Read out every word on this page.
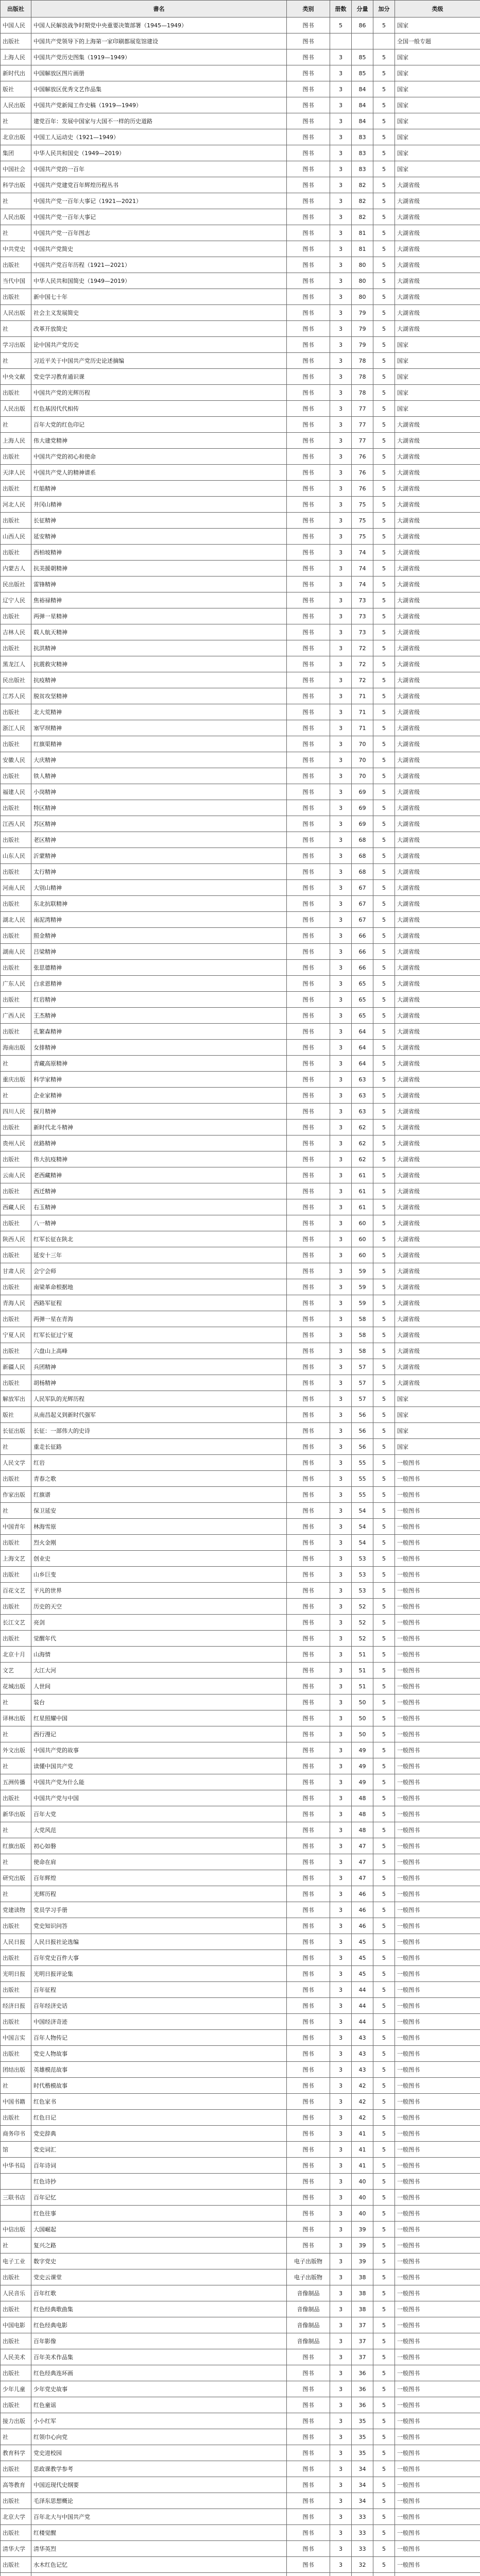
出版社	書名	类别	册数	分量	加分	类级
中国人民	中国人民解放战争时期党中央重要决策部署（1945—1949）	图书	5	86	5	国家
出版社	中国共产党领导下的上海第一家印刷都展览馆建设	图书				全国一般专题
上海人民	中国共产党历史图集（1919—1949）	图书	3	85	5	国家
新时代出	中国解放区图片画册	图书	3	85	5	国家
版社	中国解放区优秀文艺作品集	图书	3	84	5	国家
人民出版	中国共产党新闻工作史稿（1919—1949）	图书	3	84	5	国家
社	建党百年：发展中国家与大国不一样的历史道路	图书	3	84	5	国家
北京出版	中国工人运动史（1921—1949）	图书	3	83	5	国家
集团	中华人民共和国史（1949—2019）	图书	3	83	5	国家
中国社会	中国共产党的一百年	图书	3	83	5	国家
科学出版	中国共产党建党百年辉煌历程丛书	图书	3	82	5	大湖省级
社	中国共产党一百年大事记（1921—2021）	图书	3	82	5	大湖省级
人民出版	中国共产党一百年大事记	图书	3	82	5	大湖省级
社	中国共产党一百年图志	图书	3	81	5	大湖省级
中共党史	中国共产党简史	图书	3	81	5	大湖省级
出版社	中国共产党百年历程（1921—2021）	图书	3	80	5	大湖省级
当代中国	中华人民共和国简史（1949—2019）	图书	3	80	5	大湖省级
出版社	新中国七十年	图书	3	80	5	大湖省级
人民出版	社会主义发展简史	图书	3	79	5	大湖省级
社	改革开放简史	图书	3	79	5	大湖省级
学习出版	论中国共产党历史	图书	3	79	5	国家
社	习近平关于中国共产党历史论述摘编	图书	3	78	5	国家
中央文献	党史学习教育通识课	图书	3	78	5	国家
出版社	中国共产党的光辉历程	图书	3	78	5	国家
人民出版	红色基因代代相传	图书	3	77	5	国家
社	百年大党的红色印记	图书	3	77	5	大湖省级
上海人民	伟大建党精神	图书	3	77	5	大湖省级
出版社	中国共产党的初心和使命	图书	3	76	5	大湖省级
天津人民	中国共产党人的精神谱系	图书	3	76	5	大湖省级
出版社	红船精神	图书	3	76	5	大湖省级
河北人民	井冈山精神	图书	3	75	5	大湖省级
出版社	长征精神	图书	3	75	5	大湖省级
山西人民	延安精神	图书	3	75	5	大湖省级
出版社	西柏坡精神	图书	3	74	5	大湖省级
内蒙古人	抗美援朝精神	图书	3	74	5	大湖省级
民出版社	雷锋精神	图书	3	74	5	大湖省级
辽宁人民	焦裕禄精神	图书	3	73	5	大湖省级
出版社	两弹一星精神	图书	3	73	5	大湖省级
吉林人民	载人航天精神	图书	3	73	5	大湖省级
出版社	抗洪精神	图书	3	72	5	大湖省级
黑龙江人	抗震救灾精神	图书	3	72	5	大湖省级
民出版社	抗疫精神	图书	3	72	5	大湖省级
江苏人民	脱贫攻坚精神	图书	3	71	5	大湖省级
出版社	北大荒精神	图书	3	71	5	大湖省级
浙江人民	塞罕坝精神	图书	3	71	5	大湖省级
出版社	红旗渠精神	图书	3	70	5	大湖省级
安徽人民	大庆精神	图书	3	70	5	大湖省级
出版社	铁人精神	图书	3	70	5	大湖省级
福建人民	小岗精神	图书	3	69	5	大湖省级
出版社	特区精神	图书	3	69	5	大湖省级
江西人民	苏区精神	图书	3	69	5	大湖省级
出版社	老区精神	图书	3	68	5	大湖省级
山东人民	沂蒙精神	图书	3	68	5	大湖省级
出版社	太行精神	图书	3	68	5	大湖省级
河南人民	大别山精神	图书	3	67	5	大湖省级
出版社	东北抗联精神	图书	3	67	5	大湖省级
湖北人民	南泥湾精神	图书	3	67	5	大湖省级
出版社	照金精神	图书	3	66	5	大湖省级
湖南人民	吕梁精神	图书	3	66	5	大湖省级
出版社	张思德精神	图书	3	66	5	大湖省级
广东人民	白求恩精神	图书	3	65	5	大湖省级
出版社	红岩精神	图书	3	65	5	大湖省级
广西人民	王杰精神	图书	3	65	5	大湖省级
出版社	孔繁森精神	图书	3	64	5	大湖省级
海南出版	女排精神	图书	3	64	5	大湖省级
社	青藏高原精神	图书	3	64	5	大湖省级
重庆出版	科学家精神	图书	3	63	5	大湖省级
社	企业家精神	图书	3	63	5	大湖省级
四川人民	探月精神	图书	3	63	5	大湖省级
出版社	新时代北斗精神	图书	3	62	5	大湖省级
贵州人民	丝路精神	图书	3	62	5	大湖省级
出版社	伟大抗疫精神	图书	3	62	5	大湖省级
云南人民	老西藏精神	图书	3	61	5	大湖省级
出版社	西迁精神	图书	3	61	5	大湖省级
西藏人民	右玉精神	图书	3	61	5	大湖省级
出版社	八一精神	图书	3	60	5	大湖省级
陕西人民	红军长征在陕北	图书	3	60	5	大湖省级
出版社	延安十三年	图书	3	60	5	大湖省级
甘肃人民	会宁会师	图书	3	59	5	大湖省级
出版社	南梁革命根据地	图书	3	59	5	大湖省级
青海人民	西路军征程	图书	3	59	5	大湖省级
出版社	两弹一星在青海	图书	3	58	5	大湖省级
宁夏人民	红军长征过宁夏	图书	3	58	5	大湖省级
出版社	六盘山上高峰	图书	3	58	5	大湖省级
新疆人民	兵团精神	图书	3	57	5	大湖省级
出版社	胡杨精神	图书	3	57	5	大湖省级
解放军出	人民军队的光辉历程	图书	3	57	5	国家
版社	从南昌起义到新时代强军	图书	3	56	5	国家
长征出版	长征：一部伟大的史诗	图书	3	56	5	国家
社	重走长征路	图书	3	56	5	国家
人民文学	红岩	图书	3	55	5	一般图书
出版社	青春之歌	图书	3	55	5	一般图书
作家出版	红旗谱	图书	3	55	5	一般图书
社	保卫延安	图书	3	54	5	一般图书
中国青年	林海雪原	图书	3	54	5	一般图书
出版社	烈火金刚	图书	3	54	5	一般图书
上海文艺	创业史	图书	3	53	5	一般图书
出版社	山乡巨变	图书	3	53	5	一般图书
百花文艺	平凡的世界	图书	3	53	5	一般图书
出版社	历史的天空	图书	3	52	5	一般图书
长江文艺	亮剑	图书	3	52	5	一般图书
出版社	觉醒年代	图书	3	52	5	一般图书
北京十月	山海情	图书	3	51	5	一般图书
文艺	大江大河	图书	3	51	5	一般图书
花城出版	人世间	图书	3	51	5	一般图书
社	装台	图书	3	50	5	一般图书
译林出版	红星照耀中国	图书	3	50	5	一般图书
社	西行漫记	图书	3	50	5	一般图书
外文出版	中国共产党的故事	图书	3	49	5	一般图书
社	读懂中国共产党	图书	3	49	5	一般图书
五洲传播	中国共产党为什么能	图书	3	49	5	一般图书
出版社	中国共产党与中国	图书	3	48	5	一般图书
新华出版	百年大党	图书	3	48	5	一般图书
社	大党风范	图书	3	48	5	一般图书
红旗出版	初心如磐	图书	3	47	5	一般图书
社	使命在肩	图书	3	47	5	一般图书
研究出版	百年辉煌	图书	3	47	5	一般图书
社	光辉历程	图书	3	46	5	一般图书
党建读物	党员学习手册	图书	3	46	5	一般图书
出版社	党史知识问答	图书	3	46	5	一般图书
人民日报	人民日报社论选编	图书	3	45	5	一般图书
出版社	百年党史百件大事	图书	3	45	5	一般图书
光明日报	光明日报评论集	图书	3	45	5	一般图书
出版社	百年征程	图书	3	44	5	一般图书
经济日报	百年经济史话	图书	3	44	5	一般图书
出版社	中国经济奇迹	图书	3	44	5	一般图书
中国言实	百年人物传记	图书	3	43	5	一般图书
出版社	党史人物故事	图书	3	43	5	一般图书
团结出版	英雄模范故事	图书	3	43	5	一般图书
社	时代楷模故事	图书	3	42	5	一般图书
中国书籍	红色家书	图书	3	42	5	一般图书
出版社	红色日记	图书	3	42	5	一般图书
商务印书	党史辞典	图书	3	41	5	一般图书
馆	党史词汇	图书	3	41	5	一般图书
中华书局	百年诗词	图书	3	41	5	一般图书
	红色诗抄	图书	3	40	5	一般图书
三联书店	百年记忆	图书	3	40	5	一般图书
	红色往事	图书	3	40	5	一般图书
中信出版	大国崛起	图书	3	39	5	一般图书
社	复兴之路	图书	3	39	5	一般图书
电子工业	数字党史	电子出版物	3	39	5	一般图书
出版社	党史云课堂	电子出版物	3	38	5	一般图书
人民音乐	百年红歌	音像制品	3	38	5	一般图书
出版社	红色经典歌曲集	音像制品	3	38	5	一般图书
中国电影	红色经典电影	音像制品	3	37	5	一般图书
出版社	百年影像	音像制品	3	37	5	一般图书
人民美术	百年美术作品集	图书	3	37	5	一般图书
出版社	红色经典连环画	图书	3	36	5	一般图书
少年儿童	少年党史故事	图书	3	36	5	一般图书
出版社	红色童谣	图书	3	36	5	一般图书
接力出版	小小红军	图书	3	35	5	一般图书
社	红领巾心向党	图书	3	35	5	一般图书
教育科学	党史进校园	图书	3	35	5	一般图书
出版社	思政课教学参考	图书	3	34	5	一般图书
高等教育	中国近现代史纲要	图书	3	34	5	一般图书
出版社	毛泽东思想概论	图书	3	34	5	一般图书
北京大学	百年北大与中国共产党	图书	3	33	5	一般图书
出版社	红楼觉醒	图书	3	33	5	一般图书
清华大学	清华英烈	图书	3	33	5	一般图书
出版社	水木红色记忆	图书	3	32	5	一般图书
